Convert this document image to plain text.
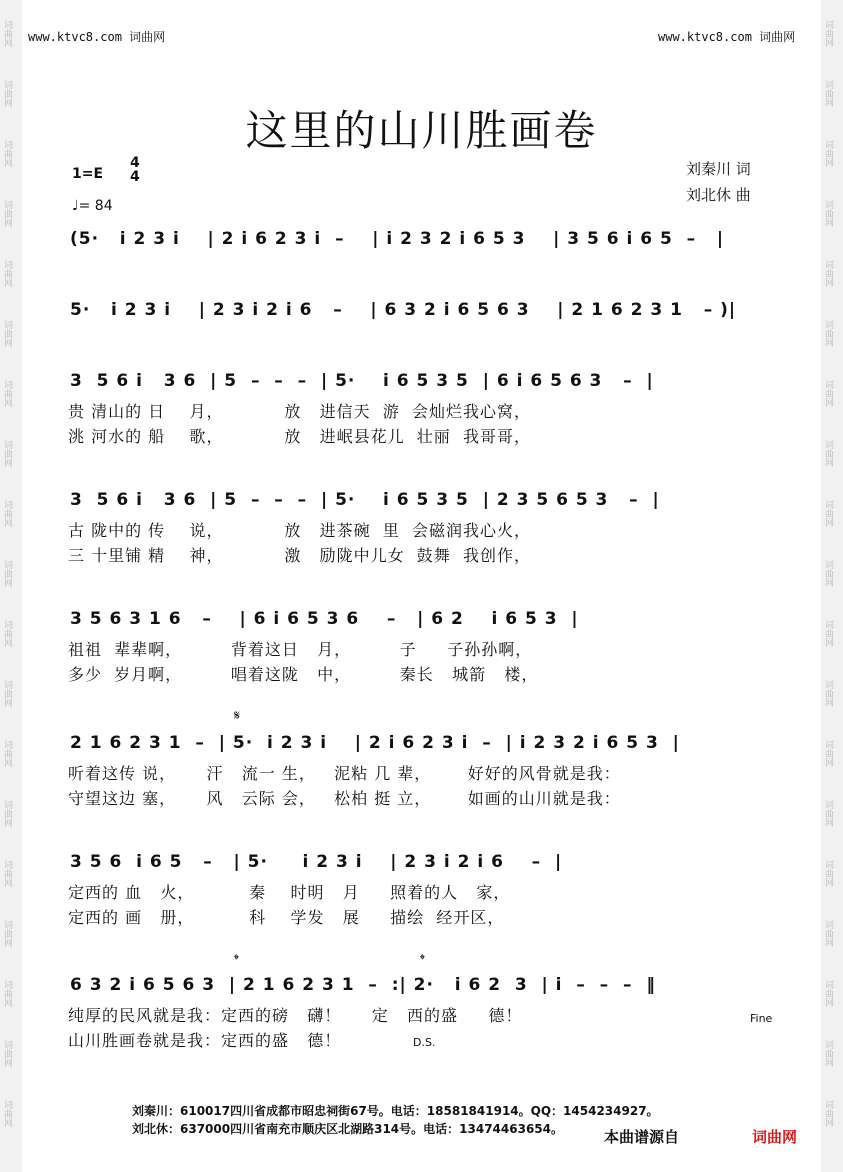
词曲网
词曲网
词曲网
词曲网
词曲网
词曲网
词曲网
词曲网
词曲网
词曲网
词曲网
词曲网
词曲网
词曲网
词曲网
词曲网
词曲网
词曲网
词曲网
词曲网
词曲网
词曲网
词曲网
词曲网
词曲网
词曲网
词曲网
词曲网
词曲网
词曲网
词曲网
词曲网
词曲网
词曲网
词曲网
词曲网
词曲网
词曲网
www.ktvc8.com 词曲网	www.ktvc8.com 词曲网
这里的山川胜画卷
1=E
4
4
♩= 84
刘秦川 词
刘北休 曲
(5·   i 2 3 i    | 2 i 6 2 3 i  –    | i 2 3 2 i 6 5 3    | 3 5 6 i 6 5  –   |
5·   i 2 3 i    | 2 3 i 2 i 6   –    | 6 3 2 i 6 5 6 3    | 2 1 6 2 3 1   – )|
3  5 6 i   3 6  | 5  –  –  –  | 5·    i 6 5 3 5  | 6 i 6 5 6 3   –  |
贵 清山的 日    月，          放   进信天  游  会灿烂我心窝，
洮 河水的 船    歌，          放   进岷县花儿  壮丽  我哥哥，
3  5 6 i   3 6  | 5  –  –  –  | 5·    i 6 5 3 5  | 2 3 5 6 5 3   –  |
古 陇中的 传    说，          放   进茶碗  里  会磁润我心火，
三 十里铺 精    神，          激   励陇中儿女  鼓舞  我创作，
3 5 6 3 1 6   –    | 6 i 6 5 3 6    –   | 6 2    i 6 5 3  |
祖祖  辈辈啊，        背着这日   月，        子     子孙孙啊，
多少  岁月啊，        唱着这陇   中，        秦长   城箭   楼，
2 1 6 2 3 1  –  | 5·  i 2 3 i    | 2 i 6 2 3 i  –  | i 2 3 2 i 6 5 3  |
听着这传 说，     汗   流一 生，   泥粘 几 辈，      好好的风骨就是我：
守望这边 塞，     风   云际 会，   松柏 挺 立，      如画的山川就是我：
3 5 6  i 6 5   –   | 5·     i 2 3 i    | 2 3 i 2 i 6    –  |
定西的 血   火，         秦    时明   月     照着的人   家，
定西的 画   册，         科    学发   展     描绘  经开区，
6 3 2 i 6 5 6 3  | 2 1 6 2 3 1  –  :| 2·   i 6 2  3  | i  –  –  –  ‖
纯厚的民风就是我：定西的磅   礴！     定   西的盛     德！
山川胜画卷就是我：定西的盛   德！
𝄋
𝄌	𝄌
Fine
D.S.
刘秦川：610017四川省成都市昭忠祠街67号。电话：18581841914。QQ：1454234927。
刘北休：637000四川省南充市顺庆区北湖路314号。电话：13474463654。	本曲谱源自	词曲网
